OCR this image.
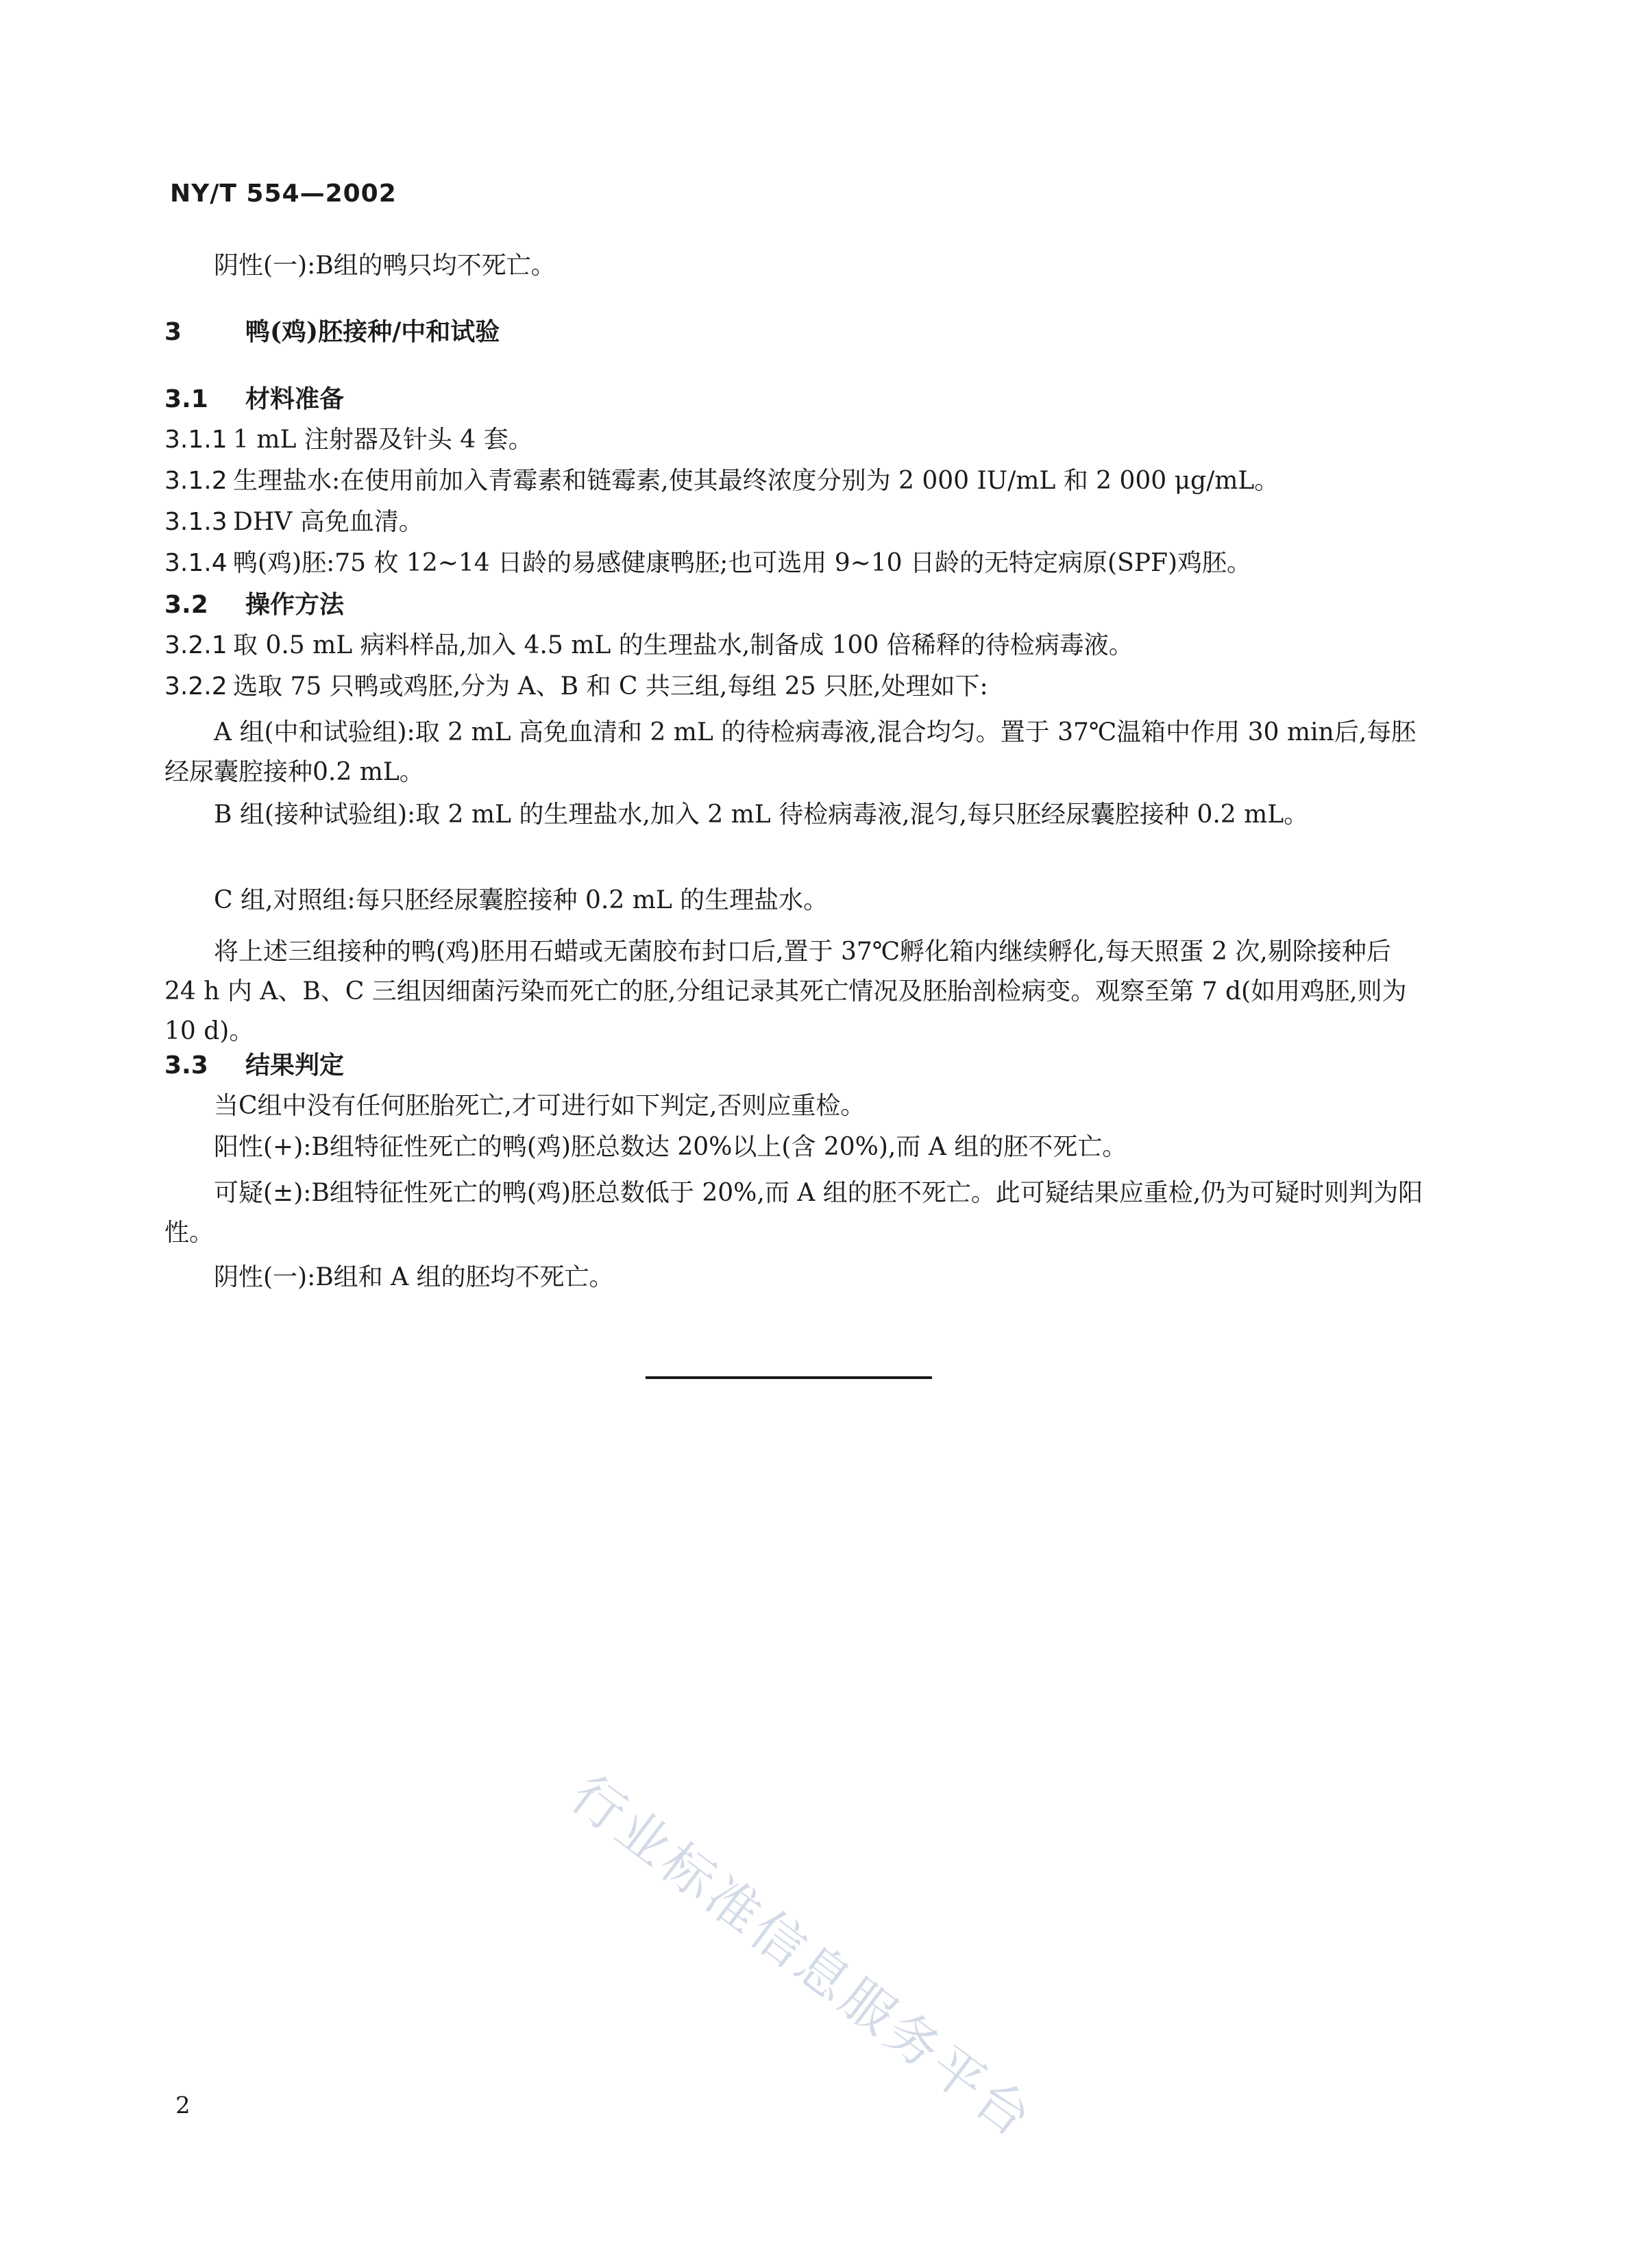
NY/T 554—2002
阴性(一):B组的鸭只均不死亡。
3	鸭(鸡)胚接种/中和试验
3.1 材料准备
3.1.1 1 mL 注射器及针头 4 套。
3.1.2 生理盐水:在使用前加入青霉素和链霉素,使其最终浓度分别为 2 000 IU/mL 和 2 000 μg/mL。
3.1.3 DHV 高免血清。
3.1.4 鸭(鸡)胚:75 枚 12~14 日龄的易感健康鸭胚;也可选用 9~10 日龄的无特定病原(SPF)鸡胚。
3.2 操作方法
3.2.1 取 0.5 mL 病料样品,加入 4.5 mL 的生理盐水,制备成 100 倍稀释的待检病毒液。
3.2.2 选取 75 只鸭或鸡胚,分为 A、B 和 C 共三组,每组 25 只胚,处理如下:
A 组(中和试验组):取 2 mL 高免血清和 2 mL 的待检病毒液,混合均匀。置于 37℃温箱中作用 30 min后,每胚经尿囊腔接种0.2 mL。
B 组(接种试验组):取 2 mL 的生理盐水,加入 2 mL 待检病毒液,混匀,每只胚经尿囊腔接种 0.2 mL。
C 组,对照组:每只胚经尿囊腔接种 0.2 mL 的生理盐水。
将上述三组接种的鸭(鸡)胚用石蜡或无菌胶布封口后,置于 37℃孵化箱内继续孵化,每天照蛋 2 次,剔除接种后 24 h 内 A、B、C 三组因细菌污染而死亡的胚,分组记录其死亡情况及胚胎剖检病变。观察至第 7 d(如用鸡胚,则为 10 d)。
3.3 结果判定
当C组中没有任何胚胎死亡,才可进行如下判定,否则应重检。
阳性(+):B组特征性死亡的鸭(鸡)胚总数达 20%以上(含 20%),而 A 组的胚不死亡。
可疑(±):B组特征性死亡的鸭(鸡)胚总数低于 20%,而 A 组的胚不死亡。此可疑结果应重检,仍为可疑时则判为阳性。
阴性(一):B组和 A 组的胚均不死亡。
行业标准信息服务平台
2
